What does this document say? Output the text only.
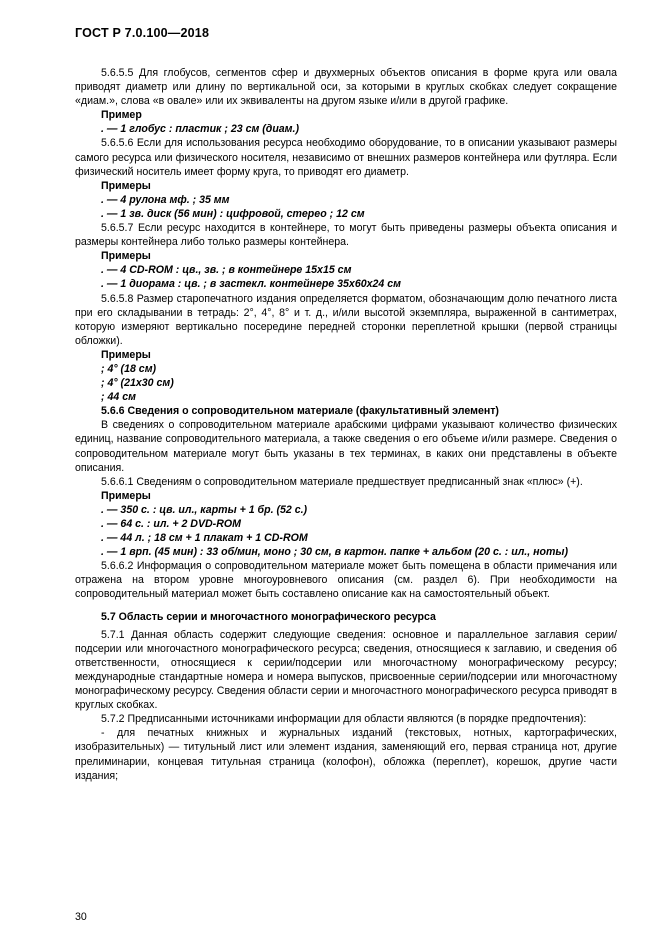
ГОСТ Р 7.0.100—2018

5.6.5.5 Для глобусов, сегментов сфер и двухмерных объектов описания в форме круга или овала приводят диаметр или длину по вертикальной оси, за которыми в круглых скобках следует сокращение «диам.», слова «в овале» или их эквиваленты на другом языке и/или в другой графике.

Пример

. — 1 глобус : пластик ; 23 см (диам.)

5.6.5.6 Если для использования ресурса необходимо оборудование, то в описании указывают размеры самого ресурса или физического носителя, независимо от внешних размеров контейнера или футляра. Если физический носитель имеет форму круга, то приводят его диаметр.

Примеры

. — 4 рулона мф. ; 35 мм

. — 1 зв. диск (56 мин) : цифровой, стерео ; 12 см

5.6.5.7 Если ресурс находится в контейнере, то могут быть приведены размеры объекта описания и размеры контейнера либо только размеры контейнера.

Примеры

. — 4 CD-ROM : цв., зв. ; в контейнере 15х15 см

. — 1 диорама : цв. ; в застекл. контейнере 35х60х24 см

5.6.5.8 Размер старопечатного издания определяется форматом, обозначающим долю печатного листа при его складывании в тетрадь: 2°, 4°, 8° и т. д., и/или высотой экземпляра, выраженной в сантиметрах, которую измеряют вертикально посередине передней сторонки переплетной крышки (первой страницы обложки).

Примеры

; 4° (18 см)

; 4° (21х30 см)

; 44 см

5.6.6 Сведения о сопроводительном материале (факультативный элемент)

В сведениях о сопроводительном материале арабскими цифрами указывают количество физических единиц, название сопроводительного материала, а также сведения о его объеме и/или размере. Сведения о сопроводительном материале могут быть указаны в тех терминах, в каких они представлены в объекте описания.

5.6.6.1 Сведениям о сопроводительном материале предшествует предписанный знак «плюс» (+).

Примеры

. — 350 с. : цв. ил., карты + 1 бр. (52 с.)

. — 64 с. : ил. + 2 DVD-ROM

. — 44 л. ; 18 см + 1 плакат + 1 CD-ROM

. — 1 врп. (45 мин) : 33 об/мин, моно ; 30 см, в картон. папке + альбом (20 с. : ил., ноты)

5.6.6.2 Информация о сопроводительном материале может быть помещена в области примечания или отражена на втором уровне многоуровневого описания (см. раздел 6). При необходимости на сопроводительный материал может быть составлено описание как на самостоятельный объект.

5.7 Область серии и многочастного монографического ресурса

5.7.1 Данная область содержит следующие сведения: основное и параллельное заглавия серии/подсерии или многочастного монографического ресурса; сведения, относящиеся к заглавию, и сведения об ответственности, относящиеся к серии/подсерии или многочастному монографическому ресурсу; международные стандартные номера и номера выпусков, присвоенные серии/подсерии или многочастному монографическому ресурсу. Сведения области серии и многочастного монографического ресурса приводят в круглых скобках.

5.7.2 Предписанными источниками информации для области являются (в порядке предпочтения):

- для печатных книжных и журнальных изданий (текстовых, нотных, картографических, изобразительных) — титульный лист или элемент издания, заменяющий его, первая страница нот, другие прелиминарии, концевая титульная страница (колофон), обложка (переплет), корешок, другие части издания;

30
